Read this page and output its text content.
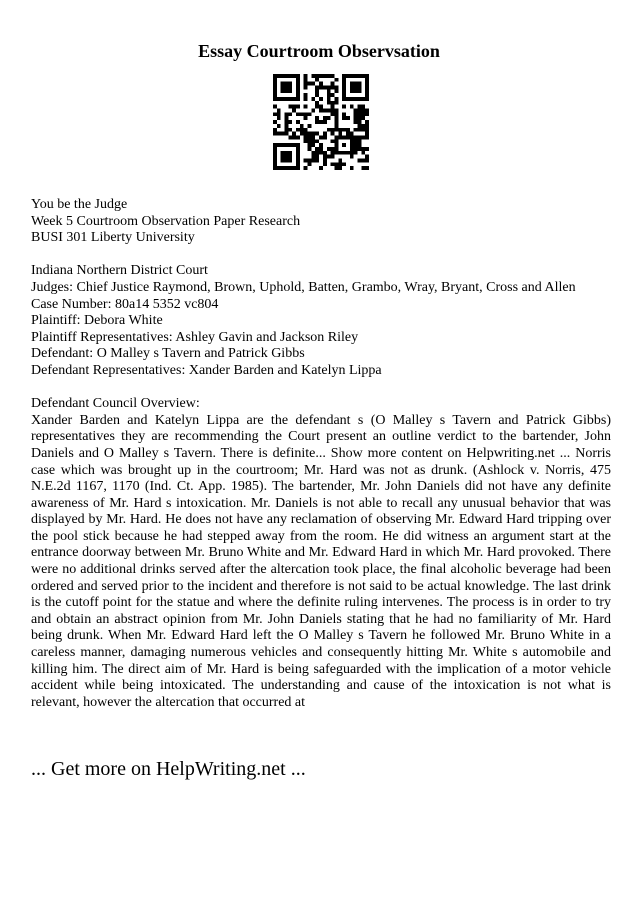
Essay Courtroom Observsation
You be the Judge
Week 5 Courtroom Observation Paper Research
BUSI 301 Liberty University
Indiana Northern District Court
Judges: Chief Justice Raymond, Brown, Uphold, Batten, Grambo, Wray, Bryant, Cross and Allen
Case Number: 80a14 5352 vc804
Plaintiff: Debora White
Plaintiff Representatives: Ashley Gavin and Jackson Riley
Defendant: O Malley s Tavern and Patrick Gibbs
Defendant Representatives: Xander Barden and Katelyn Lippa
Defendant Council Overview:
Xander Barden and Katelyn Lippa are the defendant s (O Malley s Tavern and Patrick Gibbs) representatives they are recommending the Court present an outline verdict to the bartender, John Daniels and O Malley s Tavern. There is definite... Show more content on Helpwriting.net ... Norris case which was brought up in the courtroom; Mr. Hard was not as drunk. (Ashlock v. Norris, 475 N.E.2d 1167, 1170 (Ind. Ct. App. 1985). The bartender, Mr. John Daniels did not have any definite awareness of Mr. Hard s intoxication. Mr. Daniels is not able to recall any unusual behavior that was displayed by Mr. Hard. He does not have any reclamation of observing Mr. Edward Hard tripping over the pool stick because he had stepped away from the room. He did witness an argument start at the entrance doorway between Mr. Bruno White and Mr. Edward Hard in which Mr. Hard provoked. There were no additional drinks served after the altercation took place, the final alcoholic beverage had been ordered and served prior to the incident and therefore is not said to be actual knowledge. The last drink is the cutoff point for the statue and where the definite ruling intervenes. The process is in order to try and obtain an abstract opinion from Mr. John Daniels stating that he had no familiarity of Mr. Hard being drunk. When Mr. Edward Hard left the O Malley s Tavern he followed Mr. Bruno White in a careless manner, damaging numerous vehicles and consequently hitting Mr. White s automobile and killing him. The direct aim of Mr. Hard is being safeguarded with the implication of a motor vehicle accident while being intoxicated. The understanding and cause of the intoxication is not what is relevant, however the altercation that occurred at
... Get more on HelpWriting.net ...
